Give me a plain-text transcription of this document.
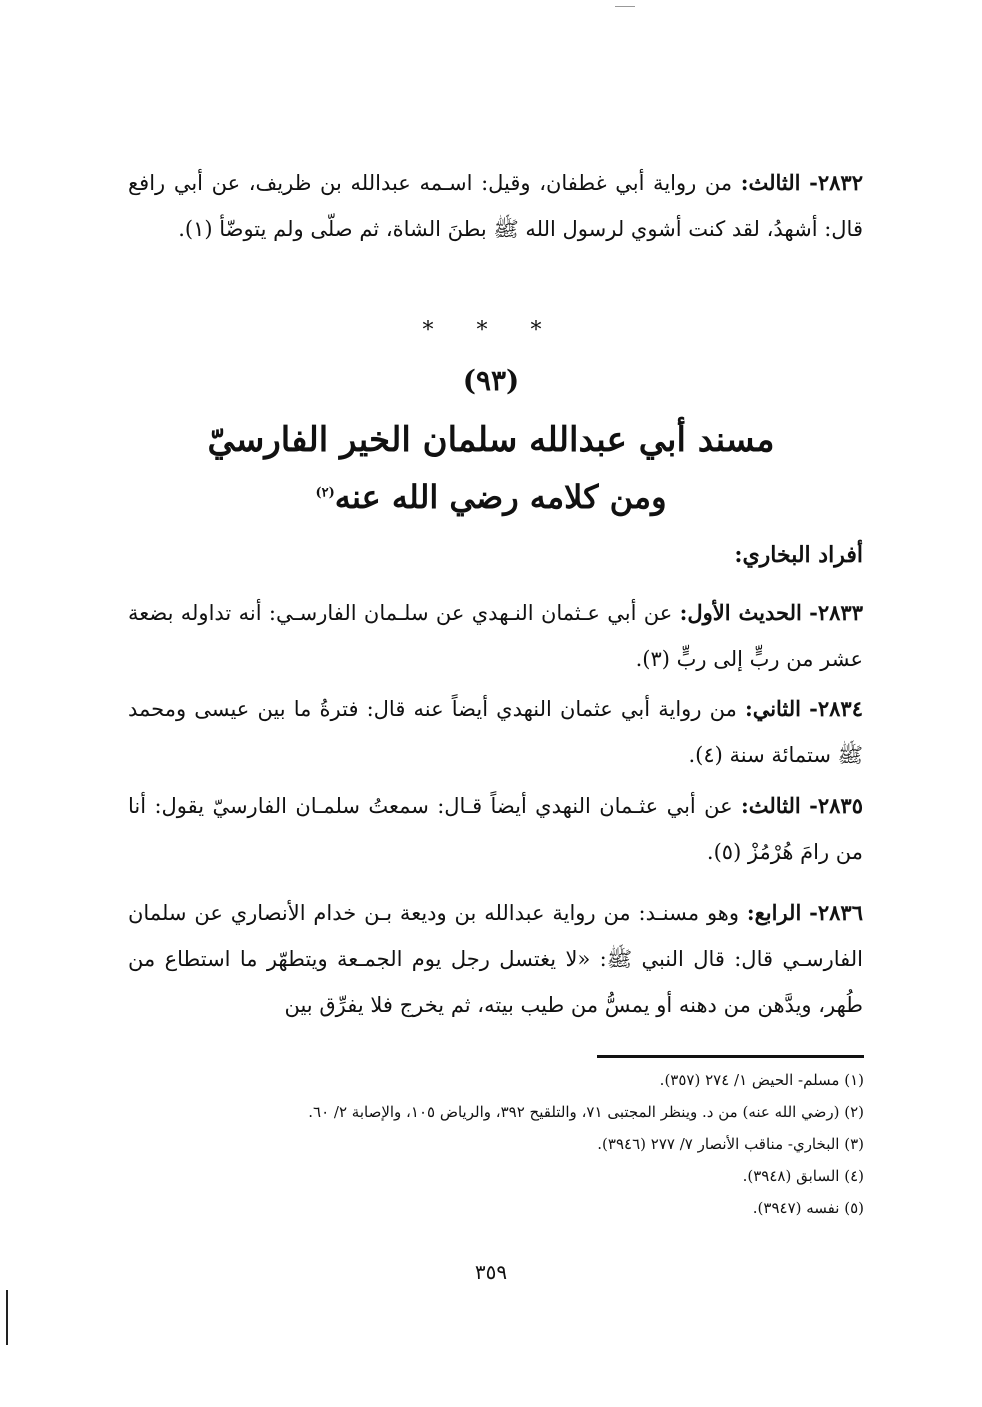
٢٨٣٢- الثالث: من رواية أبي غطفان، وقيل: اسـمه عبدالله بن ظريف، عن أبي رافع قال: أشهدُ، لقد كنت أشوي لرسول الله ﷺ بطنَ الشاة، ثم صلّى ولم يتوضّأ (١).

* * *
(٩٣)
مسند أبي عبدالله سلمان الخير الفارسيّ
ومن كلامه رضي الله عنه$^{(٢)}$
أفراد البخاري:

٢٨٣٣- الحديث الأول: عن أبي عـثمان النـهدي عن سلـمان الفارسـي: أنه تداوله بضعة عشر من ربٍّ إلى ربٍّ (٣).

٢٨٣٤- الثاني: من رواية أبي عثمان النهدي أيضاً عنه قال: فترةُ ما بين عيسى ومحمد ﷺ ستمائة سنة (٤).

٢٨٣٥- الثالث: عن أبي عثـمان النهدي أيضاً قـال: سمعتُ سلمـان الفارسيّ يقول: أنا من رامَ هُرْمُزْ (٥).

٢٨٣٦- الرابع: وهو مسنـد: من رواية عبدالله بن وديعة بـن خدام الأنصاري عن سلمان الفارسـي قال: قال النبي ﷺ: «لا يغتسل رجل يوم الجمـعة ويتطهّر ما استطاع من طُهر، ويدَّهن من دهنه أو يمسُّ من طيب بيته، ثم يخرج فلا يفرِّق بين

(١) مسلم- الحيض ١/ ٢٧٤ (٣٥٧).
(٢) (رضي الله عنه) من د. وينظر المجتبى ٧١، والتلقيح ٣٩٢، والرياض ١٠٥، والإصابة ٢/ ٦٠.
(٣) البخاري- مناقب الأنصار ٧/ ٢٧٧ (٣٩٤٦).
(٤) السابق (٣٩٤٨).
(٥) نفسه (٣٩٤٧).
٣٥٩
